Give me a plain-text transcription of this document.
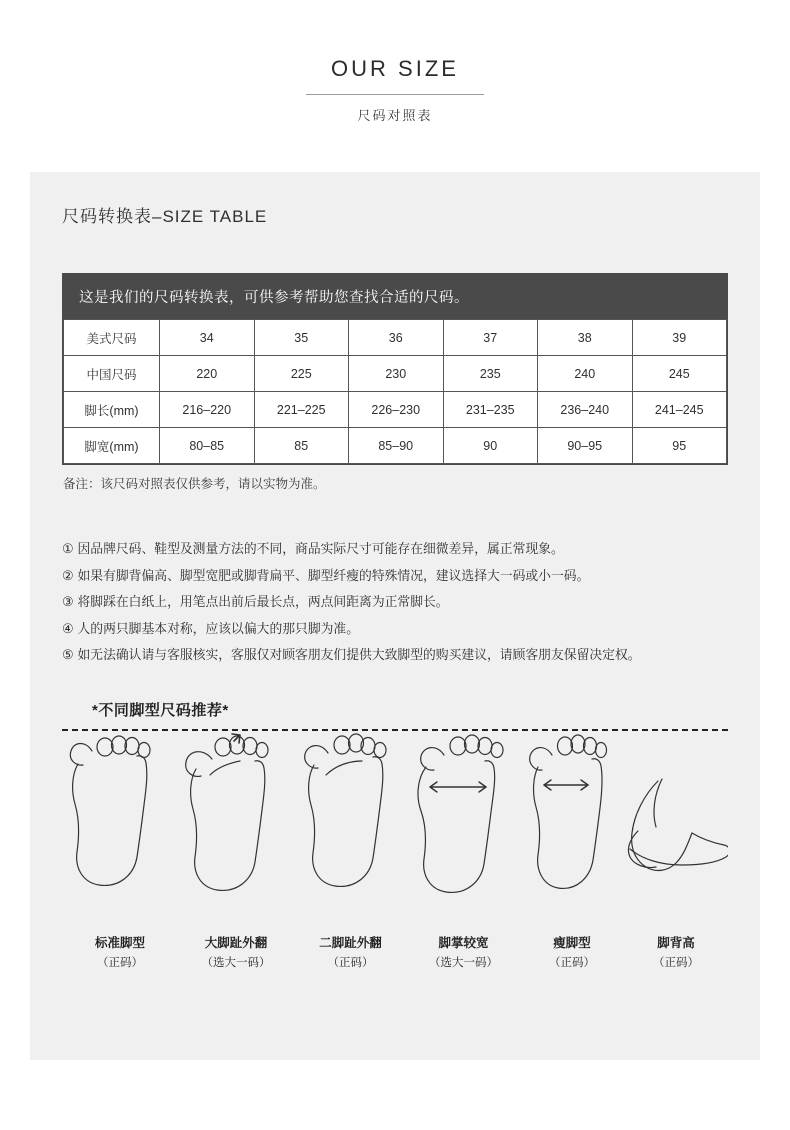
OUR SIZE
尺码对照表
尺码转换表–SIZE TABLE
这是我们的尺码转换表，可供参考帮助您查找合适的尺码。
美式尺码	34	35	36	37	38	39
中国尺码	220	225	230	235	240	245
脚长(mm)	216–220	221–225	226–230	231–235	236–240	241–245
脚宽(mm)	80–85	85	85–90	90	90–95	95
备注：该尺码对照表仅供参考，请以实物为准。
① 因品牌尺码、鞋型及测量方法的不同，商品实际尺寸可能存在细微差异，属正常现象。
② 如果有脚背偏高、脚型宽肥或脚背扁平、脚型纤瘦的特殊情况，建议选择大一码或小一码。
③ 将脚踩在白纸上，用笔点出前后最长点，两点间距离为正常脚长。
④ 人的两只脚基本对称，应该以偏大的那只脚为准。
⑤ 如无法确认请与客服核实，客服仅对顾客朋友们提供大致脚型的购买建议，请顾客朋友保留决定权。
*不同脚型尺码推荐*
标准脚型
（正码）
大脚趾外翻
（选大一码）
二脚趾外翻
（正码）
脚掌较宽
（选大一码）
瘦脚型
（正码）
脚背高
（正码）
